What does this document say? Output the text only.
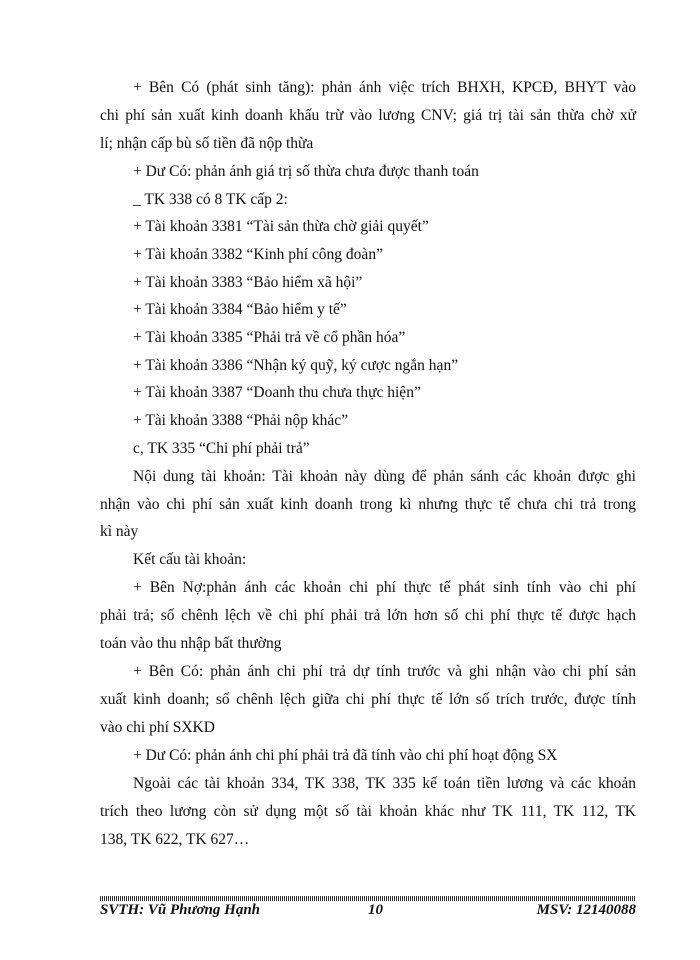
+ Bên Có (phát sinh tăng): phản ánh việc trích BHXH, KPCĐ, BHYT vào
chi phí sản xuất kinh doanh khấu trừ vào lương CNV; giá trị tài sản thừa chờ xử
lí; nhận cấp bù số tiền đã nộp thừa
+ Dư Có: phản ánh giá trị số thừa chưa được thanh toán
_ TK 338 có 8 TK cấp 2:
+ Tài khoản 3381 “Tài sản thừa chờ giải quyết”
+ Tài khoản 3382 “Kinh phí công đoàn”
+ Tài khoản 3383 “Bảo hiểm xã hội”
+ Tài khoản 3384 “Bảo hiểm y tế”
+ Tài khoản 3385 “Phải trả về cổ phần hóa”
+ Tài khoản 3386 “Nhận ký quỹ, ký cược ngắn hạn”
+ Tài khoản 3387 “Doanh thu chưa thực hiện”
+ Tài khoản 3388 “Phải nộp khác”
c, TK 335 “Chi phí phải trả”
Nội dung tài khoản: Tài khoản này dùng để phản sánh các khoản được ghi
nhận vào chi phí sản xuất kinh doanh trong kì nhưng thực tế chưa chi trả trong
kì này
Kết cấu tài khoản:
+ Bên Nợ:phản ánh các khoản chi phí thực tế phát sinh tính vào chi phí
phải trả; số chênh lệch về chi phí phải trả lớn hơn số chi phí thực tế được hạch
toán vào thu nhập bất thường
+ Bên Có: phản ánh chi phí trả dự tính trước và ghi nhận vào chi phí sản
xuất kinh doanh; số chênh lệch giữa chi phí thực tế lớn số trích trước, được tính
vào chi phí SXKD
+ Dư Có: phản ánh chi phí phải trả đã tính vào chi phí hoạt động SX
Ngoài các tài khoản 334, TK 338, TK 335 kế toán tiền lương và các khoản
trích theo lương còn sử dụng một số tài khoản khác như TK 111, TK 112, TK
138, TK 622, TK 627…
SVTH: Vũ Phương Hạnh	10	MSV: 12140088
